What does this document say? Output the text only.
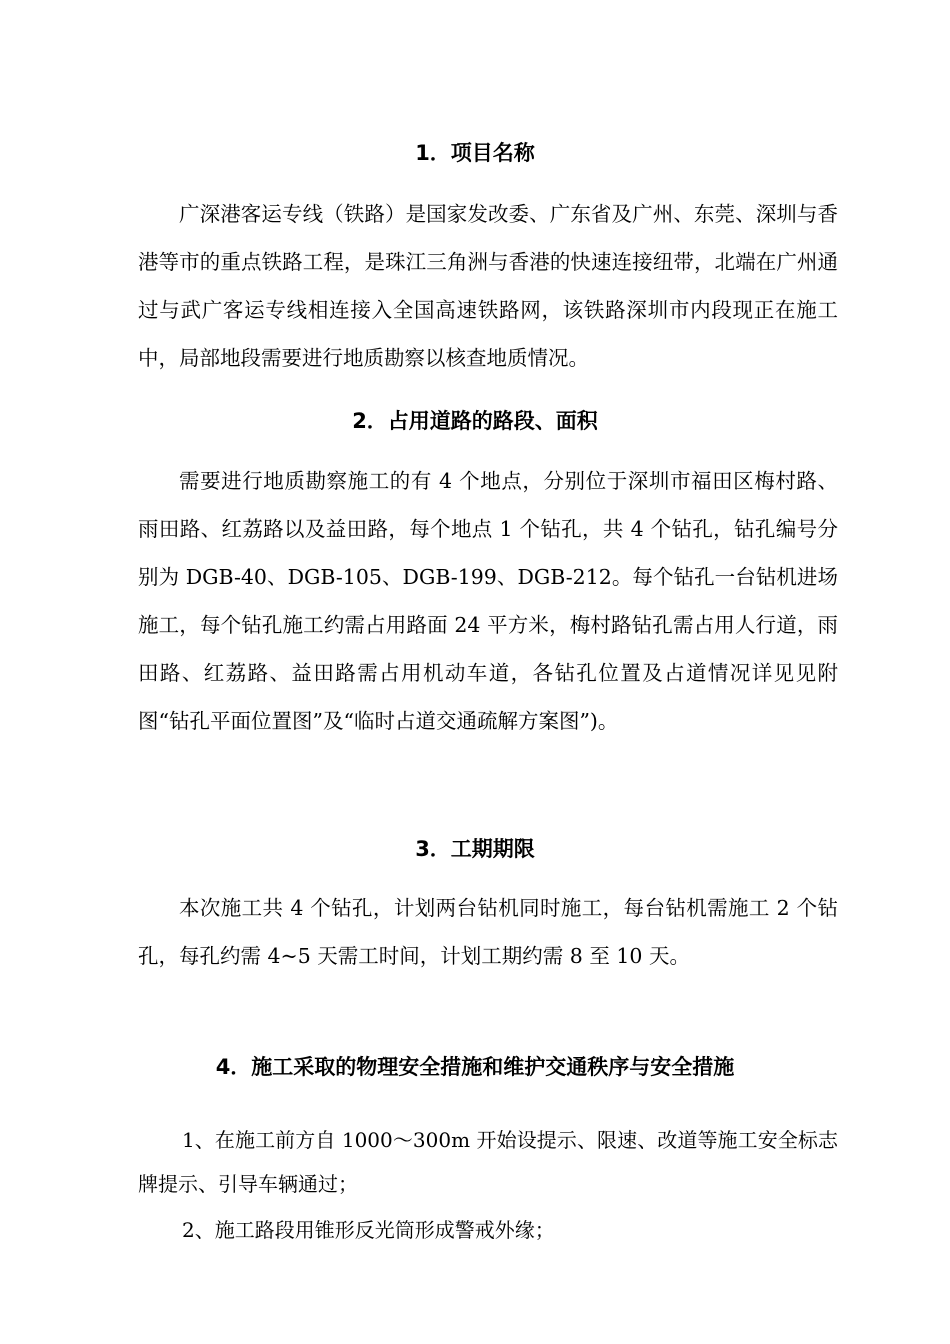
1．项目名称

广深港客运专线（铁路）是国家发改委、广东省及广州、东莞、深圳与香港等市的重点铁路工程，是珠江三角洲与香港的快速连接纽带，北端在广州通过与武广客运专线相连接入全国高速铁路网，该铁路深圳市内段现正在施工中，局部地段需要进行地质勘察以核查地质情况。

2．占用道路的路段、面积

需要进行地质勘察施工的有 4 个地点，分别位于深圳市福田区梅村路、雨田路、红荔路以及益田路，每个地点 1 个钻孔，共 4 个钻孔，钻孔编号分别为 DGB-40、DGB-105、DGB-199、DGB-212。每个钻孔一台钻机进场施工，每个钻孔施工约需占用路面 24 平方米，梅村路钻孔需占用人行道，雨田路、红荔路、益田路需占用机动车道，各钻孔位置及占道情况详见见附图“钻孔平面位置图”及“临时占道交通疏解方案图”)。

3．工期期限

本次施工共 4 个钻孔，计划两台钻机同时施工，每台钻机需施工 2 个钻孔，每孔约需 4~5 天需工时间，计划工期约需 8 至 10 天。

4．施工采取的物理安全措施和维护交通秩序与安全措施

1、在施工前方自 1000～300m 开始设提示、限速、改道等施工安全标志牌提示、引导车辆通过；

2、施工路段用锥形反光筒形成警戒外缘；
